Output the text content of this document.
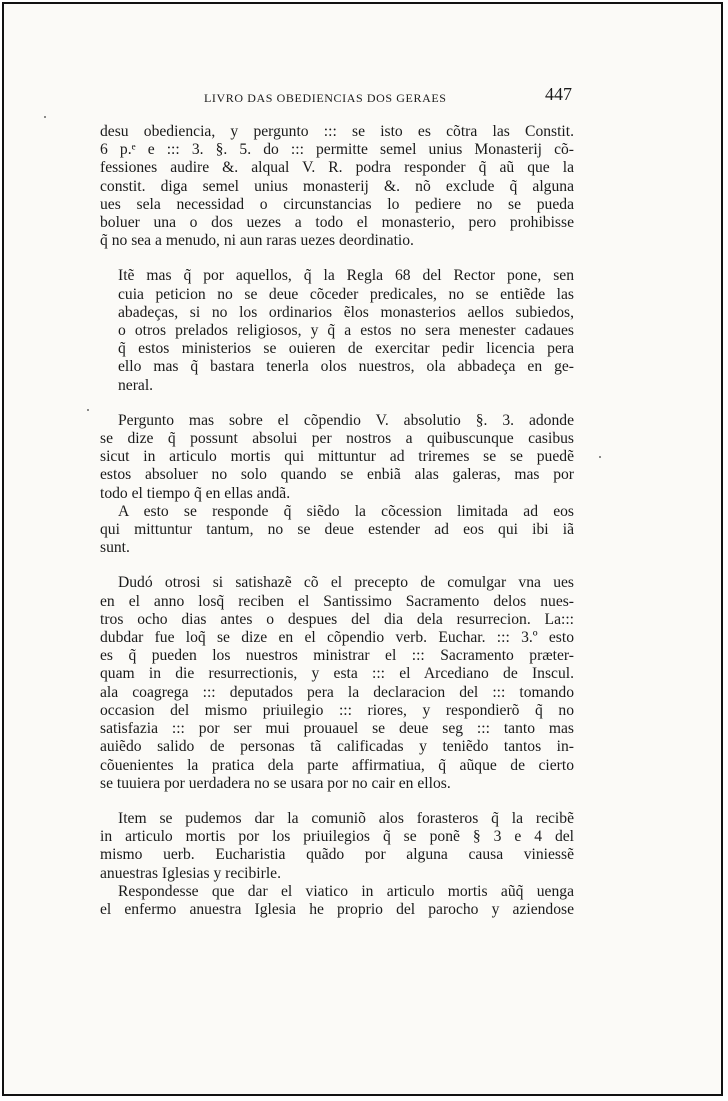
LIVRO DAS OBEDIENCIAS DOS GERAES	447

desu obediencia, y pergunto ::: se isto es cõtra las Constit.
6 p.ᵉ e ::: 3. §. 5. do ::: permitte semel unius Monasterij cõ-
fessiones audire &. alqual V. R. podra responder q̃ aũ que la
constit. diga semel unius monasterij &. nõ exclude q̃ alguna
ues sela necessidad o circunstancias lo pediere no se pueda
boluer una o dos uezes a todo el monasterio, pero prohibisse
q̃ no sea a menudo, ni aun raras uezes deordinatio.

Itẽ mas q̃ por aquellos, q̃ la Regla 68 del Rector pone, sen
cuia peticion no se deue cõceder predicales, no se entiẽde las
abadeças, si no los ordinarios ẽlos monasterios aellos subiedos,
o otros prelados religiosos, y q̃ a estos no sera menester cadaues
q̃ estos ministerios se ouieren de exercitar pedir licencia pera
ello mas q̃ bastara tenerla olos nuestros, ola abbadeça en ge-
neral.

Pergunto mas sobre el cõpendio V. absolutio §. 3. adonde
se dize q̃ possunt absolui per nostros a quibuscunque casibus
sicut in articulo mortis qui mittuntur ad triremes se se puedẽ
estos absoluer no solo quando se enbiã alas galeras, mas por
todo el tiempo q̃ en ellas andã.

A esto se responde q̃ siẽdo la cõcession limitada ad eos
qui mittuntur tantum, no se deue estender ad eos qui ibi iã
sunt.

Dudó otrosi si satishazẽ cõ el precepto de comulgar vna ues
en el anno losq̃ reciben el Santissimo Sacramento delos nues-
tros ocho dias antes o despues del dia dela resurrecion. La:::
dubdar fue loq̃ se dize en el cõpendio verb. Euchar. ::: 3.º esto
es q̃ pueden los nuestros ministrar el ::: Sacramento præter-
quam in die resurrectionis, y esta ::: el Arcediano de Inscul.
ala coagrega ::: deputados pera la declaracion del ::: tomando
occasion del mismo priuilegio ::: riores, y respondierõ q̃ no
satisfazia ::: por ser mui prouauel se deue seg ::: tanto mas
auiẽdo salido de personas tã calificadas y teniẽdo tantos in-
cõuenientes la pratica dela parte affirmatiua, q̃ aũque de cierto
se tuuiera por uerdadera no se usara por no cair en ellos.

Item se pudemos dar la comuniõ alos forasteros q̃ la recibẽ
in articulo mortis por los priuilegios q̃ se ponẽ § 3 e 4 del
mismo uerb. Eucharistia quãdo por alguna causa viniessẽ
anuestras Iglesias y recibirle.

Respondesse que dar el viatico in articulo mortis aũq̃ uenga
el enfermo anuestra Iglesia he proprio del parocho y aziendose
